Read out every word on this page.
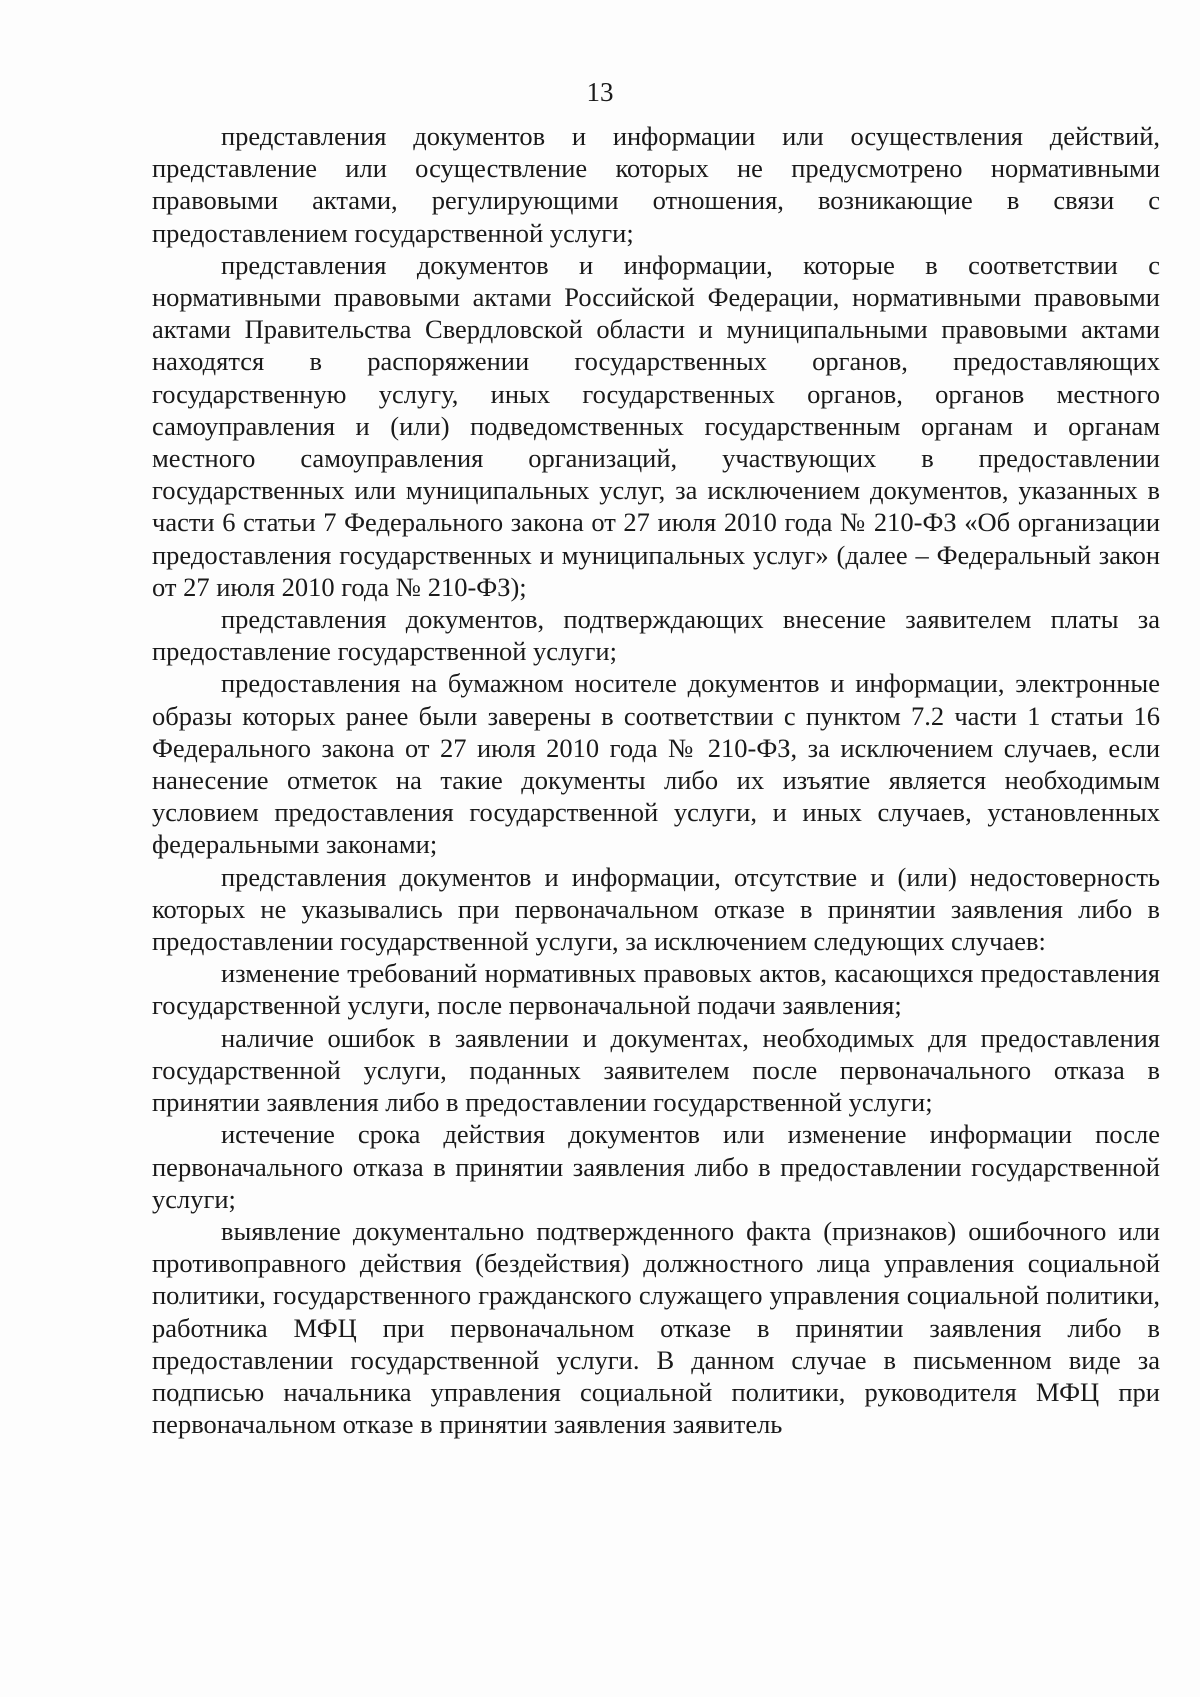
13

представления документов и информации или осуществления действий, представление или осуществление которых не предусмотрено нормативными правовыми актами, регулирующими отношения, возникающие в связи с предоставлением государственной услуги;

представления документов и информации, которые в соответствии с нормативными правовыми актами Российской Федерации, нормативными правовыми актами Правительства Свердловской области и муниципальными правовыми актами находятся в распоряжении государственных органов, предоставляющих государственную услугу, иных государственных органов, органов местного самоуправления и (или) подведомственных государственным органам и органам местного самоуправления организаций, участвующих в предоставлении государственных или муниципальных услуг, за исключением документов, указанных в части 6 статьи 7 Федерального закона от 27 июля 2010 года № 210-ФЗ «Об организации предоставления государственных и муниципальных услуг» (далее – Федеральный закон от 27 июля 2010 года № 210-ФЗ);

представления документов, подтверждающих внесение заявителем платы за предоставление государственной услуги;

предоставления на бумажном носителе документов и информации, электронные образы которых ранее были заверены в соответствии с пунктом 7.2 части 1 статьи 16 Федерального закона от 27 июля 2010 года № 210-ФЗ, за исключением случаев, если нанесение отметок на такие документы либо их изъятие является необходимым условием предоставления государственной услуги, и иных случаев, установленных федеральными законами;

представления документов и информации, отсутствие и (или) недостоверность которых не указывались при первоначальном отказе в принятии заявления либо в предоставлении государственной услуги, за исключением следующих случаев:

изменение требований нормативных правовых актов, касающихся предоставления государственной услуги, после первоначальной подачи заявления;

наличие ошибок в заявлении и документах, необходимых для предоставления государственной услуги, поданных заявителем после первоначального отказа в принятии заявления либо в предоставлении государственной услуги;

истечение срока действия документов или изменение информации после первоначального отказа в принятии заявления либо в предоставлении государственной услуги;

выявление документально подтвержденного факта (признаков) ошибочного или противоправного действия (бездействия) должностного лица управления социальной политики, государственного гражданского служащего управления социальной политики, работника МФЦ при первоначальном отказе в принятии заявления либо в предоставлении государственной услуги. В данном случае в письменном виде за подписью начальника управления социальной политики, руководителя МФЦ при первоначальном отказе в принятии заявления заявитель
